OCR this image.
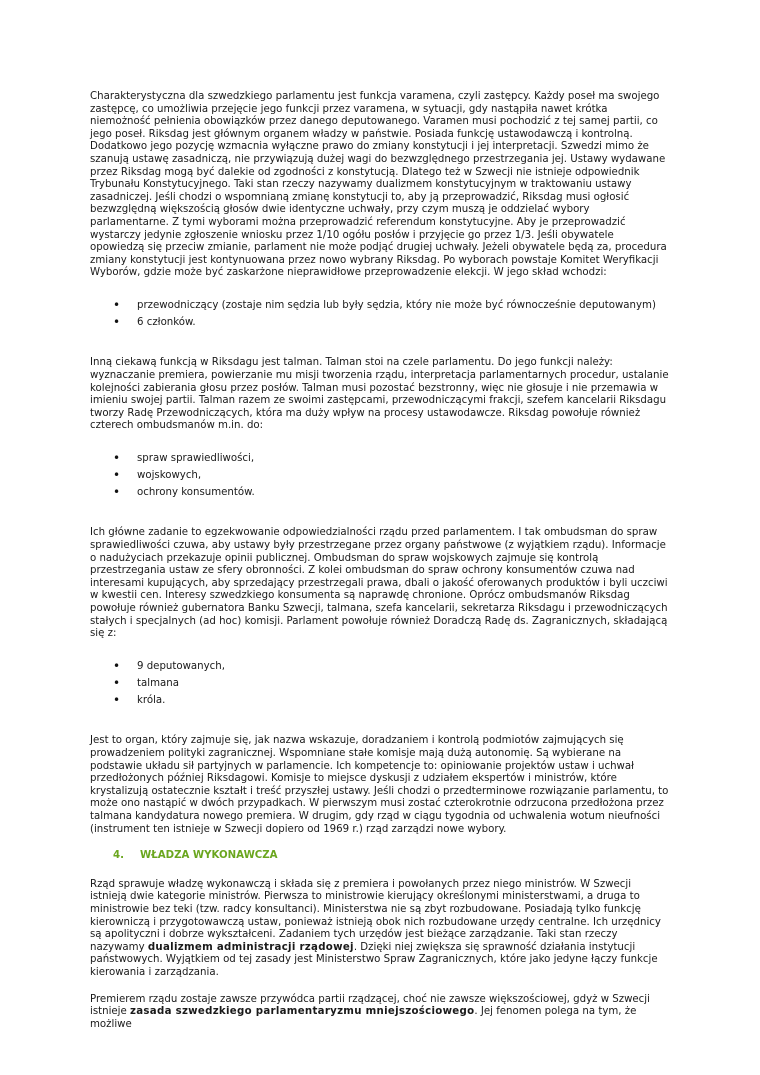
Charakterystyczna dla szwedzkiego parlamentu jest funkcja varamena, czyli zastępcy. Każdy poseł ma swojego zastępcę, co umożliwia przejęcie jego funkcji przez varamena, w sytuacji, gdy nastąpiła nawet krótka niemożność pełnienia obowiązków przez danego deputowanego. Varamen musi pochodzić z tej samej partii, co jego poseł. Riksdag jest głównym organem władzy w państwie. Posiada funkcję ustawodawczą i kontrolną. Dodatkowo jego pozycję wzmacnia wyłączne prawo do zmiany konstytucji i jej interpretacji. Szwedzi mimo że szanują ustawę zasadniczą, nie przywiązują dużej wagi do bezwzględnego przestrzegania jej. Ustawy wydawane przez Riksdag mogą być dalekie od zgodności z konstytucją. Dlatego też w Szwecji nie istnieje odpowiednik Trybunału Konstytucyjnego. Taki stan rzeczy nazywamy dualizmem konstytucyjnym w traktowaniu ustawy zasadniczej. Jeśli chodzi o wspomnianą zmianę konstytucji to, aby ją przeprowadzić, Riksdag musi ogłosić bezwzględną większością głosów dwie identyczne uchwały, przy czym muszą je oddzielać wybory parlamentarne. Z tymi wyborami można przeprowadzić referendum konstytucyjne. Aby je przeprowadzić wystarczy jedynie zgłoszenie wniosku przez 1/10 ogółu posłów i przyjęcie go przez 1/3. Jeśli obywatele opowiedzą się przeciw zmianie, parlament nie może podjąć drugiej uchwały. Jeżeli obywatele będą za, procedura zmiany konstytucji jest kontynuowana przez nowo wybrany Riksdag. Po wyborach powstaje Komitet Weryfikacji Wyborów, gdzie może być zaskarżone nieprawidłowe przeprowadzenie elekcji. W jego skład wchodzi:

• przewodniczący (zostaje nim sędzia lub były sędzia, który nie może być równocześnie deputowanym)
• 6 członków.

Inną ciekawą funkcją w Riksdagu jest talman. Talman stoi na czele parlamentu. Do jego funkcji należy: wyznaczanie premiera, powierzanie mu misji tworzenia rządu, interpretacja parlamentarnych procedur, ustalanie kolejności zabierania głosu przez posłów. Talman musi pozostać bezstronny, więc nie głosuje i nie przemawia w imieniu swojej partii. Talman razem ze swoimi zastępcami, przewodniczącymi frakcji, szefem kancelarii Riksdagu tworzy Radę Przewodniczących, która ma duży wpływ na procesy ustawodawcze. Riksdag powołuje również czterech ombudsmanów m.in. do:

• spraw sprawiedliwości,
• wojskowych,
• ochrony konsumentów.

Ich główne zadanie to egzekwowanie odpowiedzialności rządu przed parlamentem. I tak ombudsman do spraw sprawiedliwości czuwa, aby ustawy były przestrzegane przez organy państwowe (z wyjątkiem rządu). Informacje o nadużyciach przekazuje opinii publicznej. Ombudsman do spraw wojskowych zajmuje się kontrolą przestrzegania ustaw ze sfery obronności. Z kolei ombudsman do spraw ochrony konsumentów czuwa nad interesami kupujących, aby sprzedający przestrzegali prawa, dbali o jakość oferowanych produktów i byli uczciwi w kwestii cen. Interesy szwedzkiego konsumenta są naprawdę chronione. Oprócz ombudsmanów Riksdag powołuje również gubernatora Banku Szwecji, talmana, szefa kancelarii, sekretarza Riksdagu i przewodniczących stałych i specjalnych (ad hoc) komisji. Parlament powołuje również Doradczą Radę ds. Zagranicznych, składającą się z:

• 9 deputowanych,
• talmana
• króla.

Jest to organ, który zajmuje się, jak nazwa wskazuje, doradzaniem i kontrolą podmiotów zajmujących się prowadzeniem polityki zagranicznej. Wspomniane stałe komisje mają dużą autonomię. Są wybierane na podstawie układu sił partyjnych w parlamencie. Ich kompetencje to: opiniowanie projektów ustaw i uchwał przedłożonych później Riksdagowi. Komisje to miejsce dyskusji z udziałem ekspertów i ministrów, które krystalizują ostatecznie kształt i treść przyszłej ustawy. Jeśli chodzi o przedterminowe rozwiązanie parlamentu, to może ono nastąpić w dwóch przypadkach. W pierwszym musi zostać czterokrotnie odrzucona przedłożona przez talmana kandydatura nowego premiera. W drugim, gdy rząd w ciągu tygodnia od uchwalenia wotum nieufności (instrument ten istnieje w Szwecji dopiero od 1969 r.) rząd zarządzi nowe wybory.

4. WŁADZA WYKONAWCZA

Rząd sprawuje władzę wykonawczą i składa się z premiera i powołanych przez niego ministrów. W Szwecji istnieją dwie kategorie ministrów. Pierwsza to ministrowie kierujący określonymi ministerstwami, a druga to ministrowie bez teki (tzw. radcy konsultanci). Ministerstwa nie są zbyt rozbudowane. Posiadają tylko funkcję kierowniczą i przygotowawczą ustaw, ponieważ istnieją obok nich rozbudowane urzędy centralne. Ich urzędnicy są apolityczni i dobrze wykształceni. Zadaniem tych urzędów jest bieżące zarządzanie. Taki stan rzeczy nazywamy dualizmem administracji rządowej. Dzięki niej zwiększa się sprawność działania instytucji państwowych. Wyjątkiem od tej zasady jest Ministerstwo Spraw Zagranicznych, które jako jedyne łączy funkcje kierowania i zarządzania.

Premierem rządu zostaje zawsze przywódca partii rządzącej, choć nie zawsze większościowej, gdyż w Szwecji istnieje zasada szwedzkiego parlamentaryzmu mniejszościowego. Jej fenomen polega na tym, że możliwe
